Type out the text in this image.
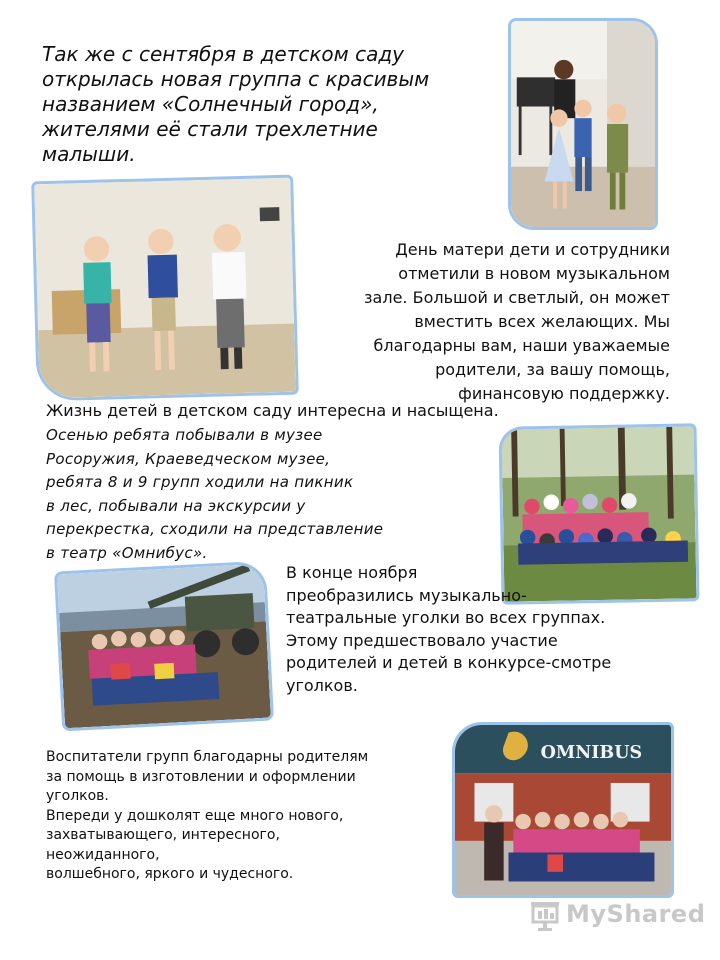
Так же с сентября в детском саду
открылась новая группа с красивым
названием «Солнечный город»,
жителями её стали трехлетние
малыши.
День матери дети и сотрудники
отметили в новом музыкальном
зале. Большой и светлый, он может
вместить всех желающих. Мы
благодарны вам, наши уважаемые
родители, за вашу помощь,
финансовую поддержку.

Жизнь детей в детском саду интересна и насыщена.

Осенью ребята побывали в музее
Росоружия, Краеведческом музее,
ребята 8 и 9 групп ходили на пикник
в лес, побывали на экскурсии у
перекрестка, сходили на представление
в театр «Омнибус».
В конце ноября
преобразились музыкально-
театральные уголки во всех группах.
Этому предшествовало участие
родителей и детей в конкурсе-смотре
уголков.
Воспитатели групп благодарны родителям
за помощь в изготовлении и оформлении
уголков.
Впереди у дошколят еще много нового,
захватывающего, интересного,
неожиданного,
волшебного, яркого и чудесного.
OMNIBUS
MyShared
